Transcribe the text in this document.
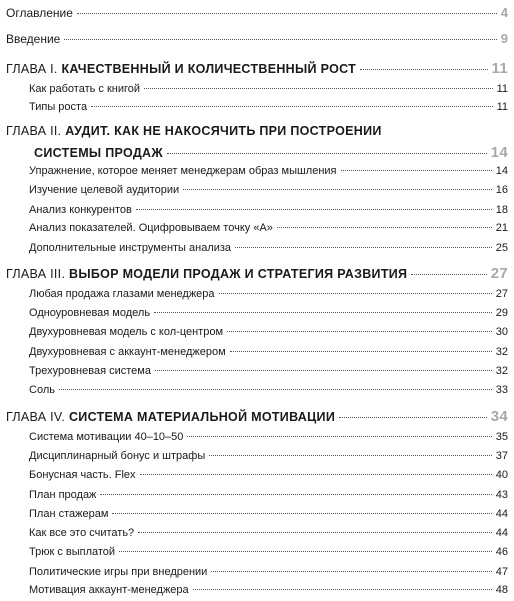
Оглавление	4
Введение	9
ГЛАВА I. КАЧЕСТВЕННЫЙ И КОЛИЧЕСТВЕННЫЙ РОСТ	11
Как работать с книгой	11
Типы роста	11
ГЛАВА II. АУДИТ. КАК НЕ НАКОСЯЧИТЬ ПРИ ПОСТРОЕНИИ
СИСТЕМЫ ПРОДАЖ	14
Упражнение, которое меняет менеджерам образ мышления	14
Изучение целевой аудитории	16
Анализ конкурентов	18
Анализ показателей. Оцифровываем точку «А»	21
Дополнительные инструменты анализа	25
ГЛАВА III. ВЫБОР МОДЕЛИ ПРОДАЖ И СТРАТЕГИЯ РАЗВИТИЯ	27
Любая продажа глазами менеджера	27
Одноуровневая модель	29
Двухуровневая модель с кол-центром	30
Двухуровневая с аккаунт-менеджером	32
Трехуровневая система	32
Соль	33
ГЛАВА IV. СИСТЕМА МАТЕРИАЛЬНОЙ МОТИВАЦИИ	34
Система мотивации 40–10–50	35
Дисциплинарный бонус и штрафы	37
Бонусная часть. Flex	40
План продаж	43
План стажерам	44
Как все это считать?	44
Трюк с выплатой	46
Политические игры при внедрении	47
Мотивация аккаунт-менеджера	48
